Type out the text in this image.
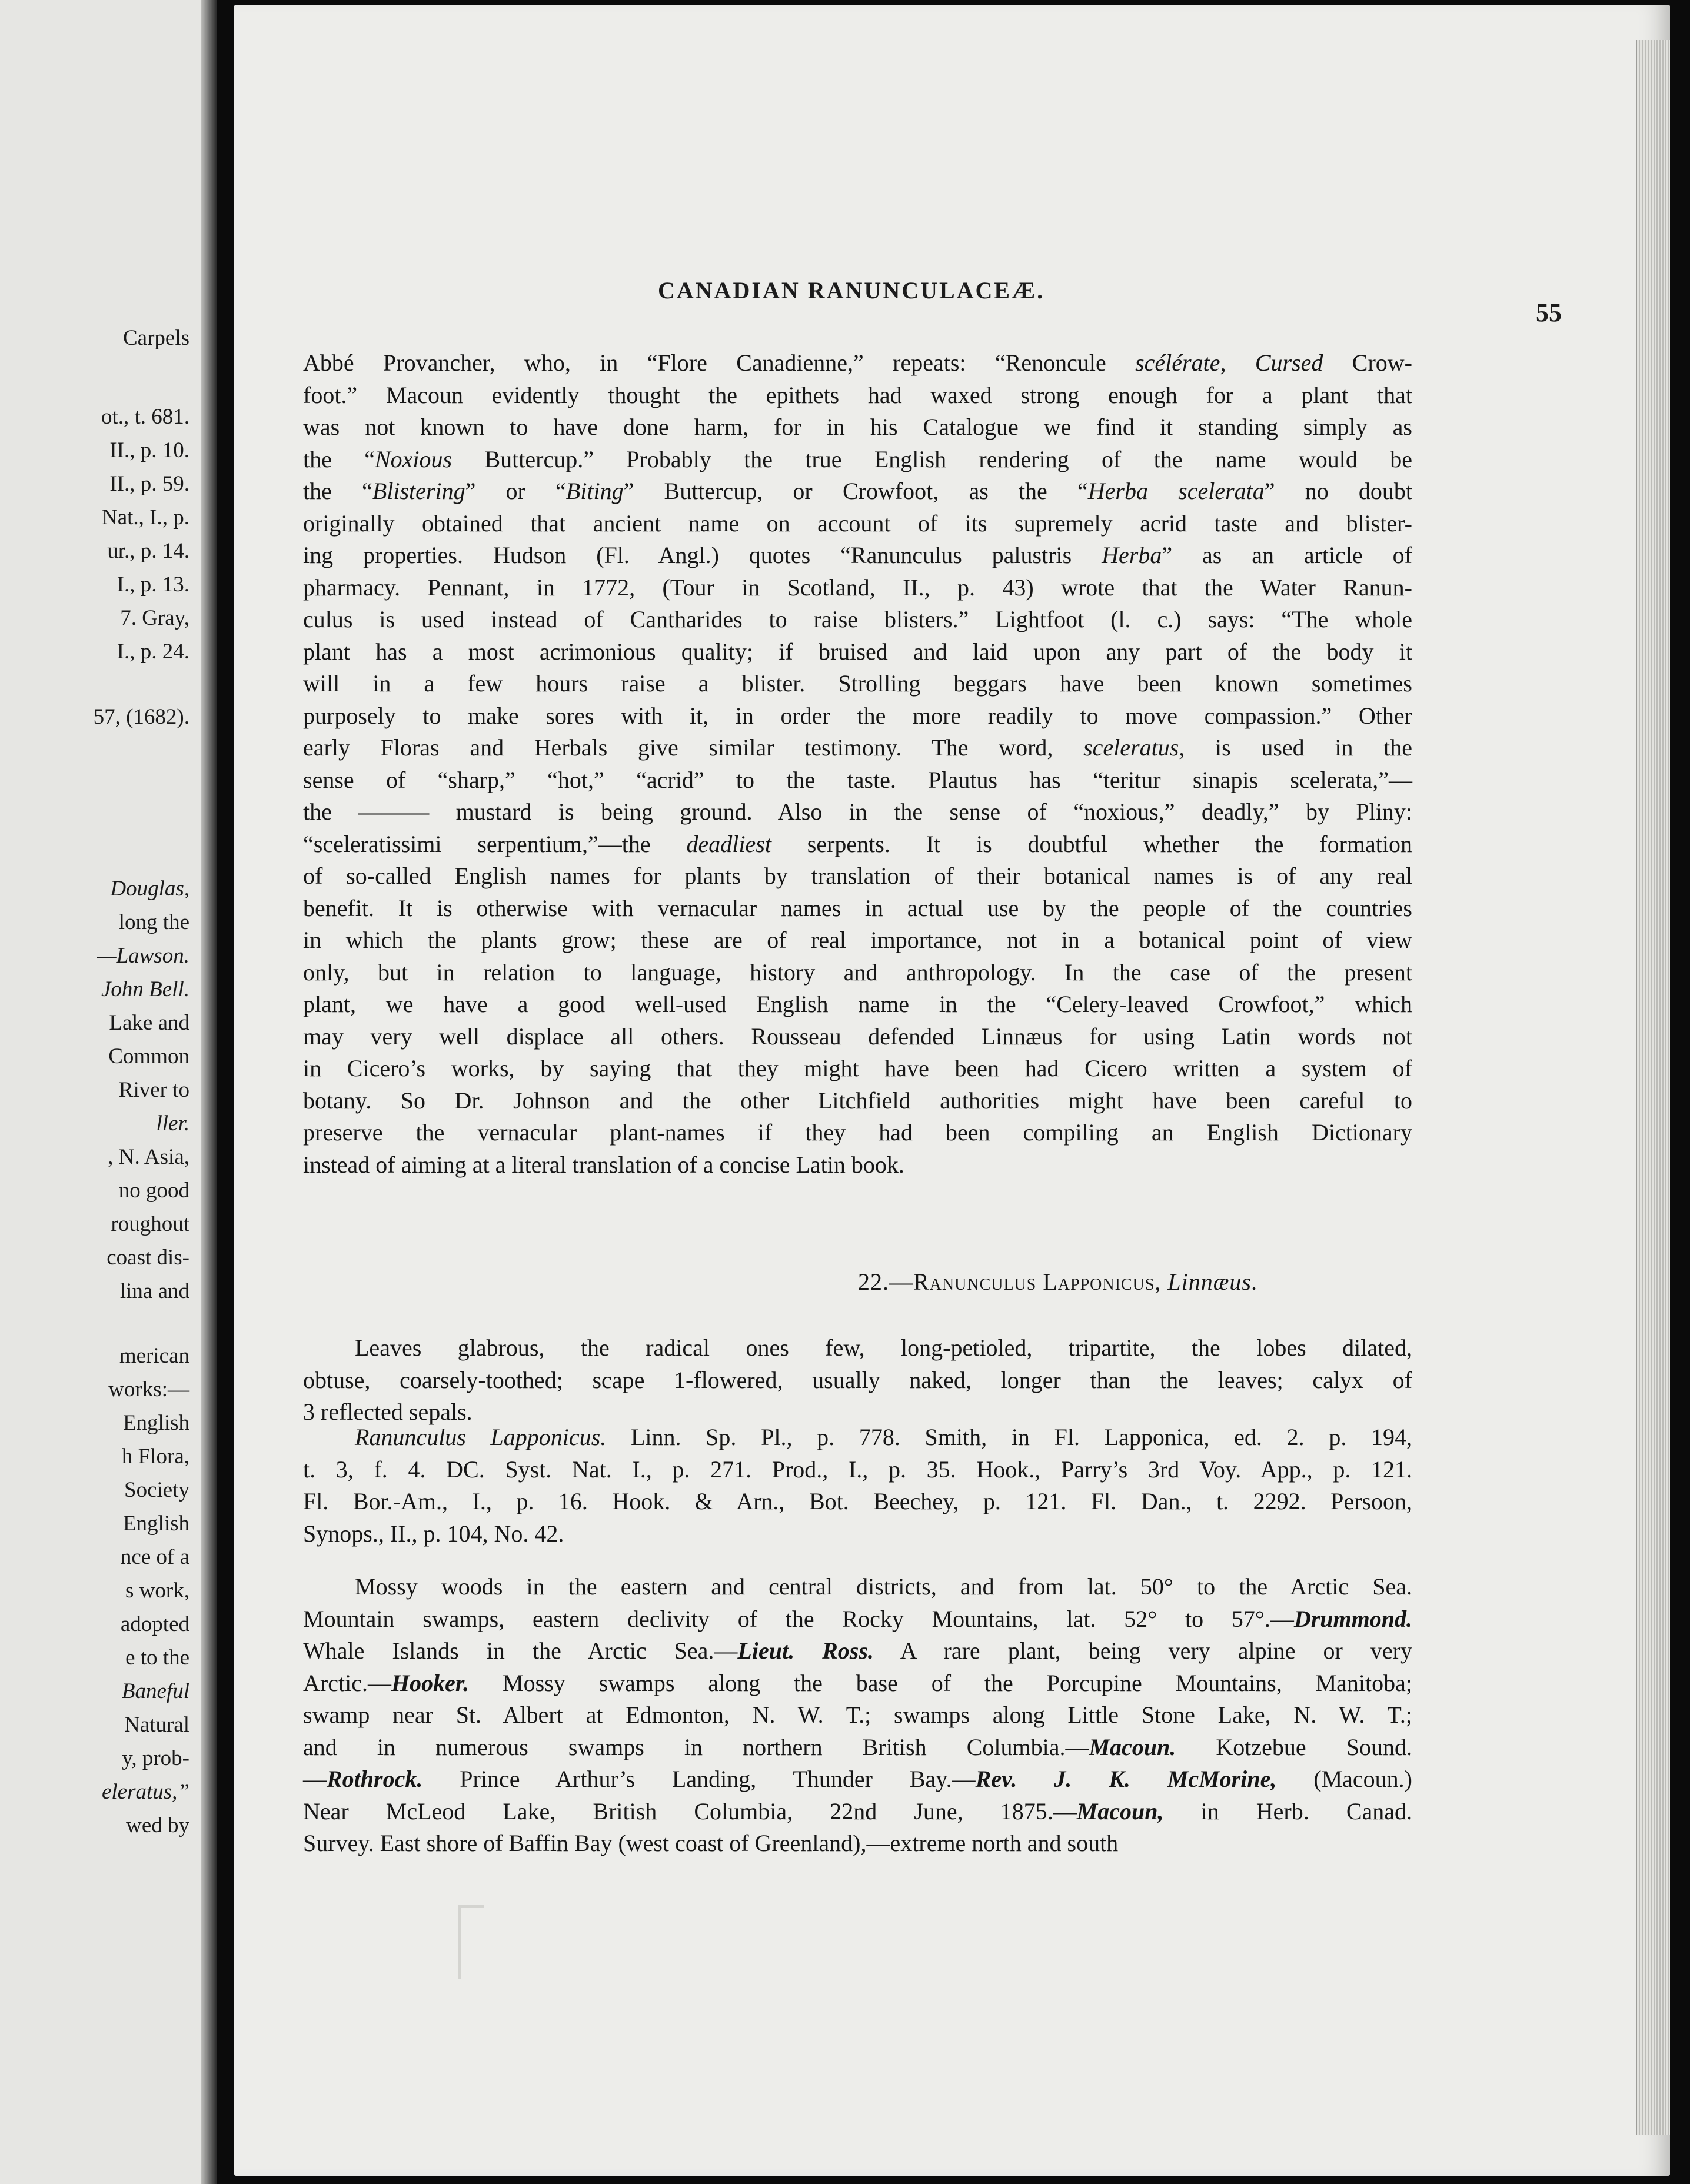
Carpels
ot., t. 681.
II., p. 10.
II., p. 59.
Nat., I., p.
ur., p. 14.
I., p. 13.
7. Gray,
I., p. 24.
57, (1682).
Douglas,
long the
—Lawson.
John Bell.
Lake and
Common
River to
ller.
, N. Asia,
no good
roughout
coast dis-
lina and
merican
works:—
English
h Flora,
Society
English
nce of a
s work,
adopted
e to the
Baneful
Natural
y, prob-
eleratus,”
wed by
CANADIAN RANUNCULACEÆ.
55
Abbé Provancher, who, in “Flore Canadienne,” repeats: “Renoncule scélérate, Cursed Crow-
foot.” Macoun evidently thought the epithets had waxed strong enough for a plant that
was not known to have done harm, for in his Catalogue we find it standing simply as
the “Noxious Buttercup.” Probably the true English rendering of the name would be
the “Blistering” or “Biting” Buttercup, or Crowfoot, as the “Herba scelerata” no doubt
originally obtained that ancient name on account of its supremely acrid taste and blister-
ing properties. Hudson (Fl. Angl.) quotes “Ranunculus palustris Herba” as an article of
pharmacy. Pennant, in 1772, (Tour in Scotland, II., p. 43) wrote that the Water Ranun-
culus is used instead of Cantharides to raise blisters.” Lightfoot (l. c.) says: “The whole
plant has a most acrimonious quality; if bruised and laid upon any part of the body it
will in a few hours raise a blister. Strolling beggars have been known sometimes
purposely to make sores with it, in order the more readily to move compassion.” Other
early Floras and Herbals give similar testimony. The word, sceleratus, is used in the
sense of “sharp,” “hot,” “acrid” to the taste. Plautus has “teritur sinapis scelerata,”—
the ——— mustard is being ground. Also in the sense of “noxious,” deadly,” by Pliny:
“sceleratissimi serpentium,”—the deadliest serpents. It is doubtful whether the formation
of so-called English names for plants by translation of their botanical names is of any real
benefit. It is otherwise with vernacular names in actual use by the people of the countries
in which the plants grow; these are of real importance, not in a botanical point of view
only, but in relation to language, history and anthropology. In the case of the present
plant, we have a good well-used English name in the “Celery-leaved Crowfoot,” which
may very well displace all others. Rousseau defended Linnæus for using Latin words not
in Cicero’s works, by saying that they might have been had Cicero written a system of
botany. So Dr. Johnson and the other Litchfield authorities might have been careful to
preserve the vernacular plant-names if they had been compiling an English Dictionary
instead of aiming at a literal translation of a concise Latin book.
22.—Ranunculus Lapponicus, Linnæus.
Leaves glabrous, the radical ones few, long-petioled, tripartite, the lobes dilated,
obtuse, coarsely-toothed; scape 1-flowered, usually naked, longer than the leaves; calyx of
3 reflected sepals.
Ranunculus Lapponicus. Linn. Sp. Pl., p. 778. Smith, in Fl. Lapponica, ed. 2. p. 194,
t. 3, f. 4. DC. Syst. Nat. I., p. 271. Prod., I., p. 35. Hook., Parry’s 3rd Voy. App., p. 121.
Fl. Bor.-Am., I., p. 16. Hook. & Arn., Bot. Beechey, p. 121. Fl. Dan., t. 2292. Persoon,
Synops., II., p. 104, No. 42.
Mossy woods in the eastern and central districts, and from lat. 50° to the Arctic Sea.
Mountain swamps, eastern declivity of the Rocky Mountains, lat. 52° to 57°.—Drummond.
Whale Islands in the Arctic Sea.—Lieut. Ross. A rare plant, being very alpine or very
Arctic.—Hooker. Mossy swamps along the base of the Porcupine Mountains, Manitoba;
swamp near St. Albert at Edmonton, N. W. T.; swamps along Little Stone Lake, N. W. T.;
and in numerous swamps in northern British Columbia.—Macoun. Kotzebue Sound.
—Rothrock. Prince Arthur’s Landing, Thunder Bay.—Rev. J. K. McMorine, (Macoun.)
Near McLeod Lake, British Columbia, 22nd June, 1875.—Macoun, in Herb. Canad.
Survey. East shore of Baffin Bay (west coast of Greenland),—extreme north and south
